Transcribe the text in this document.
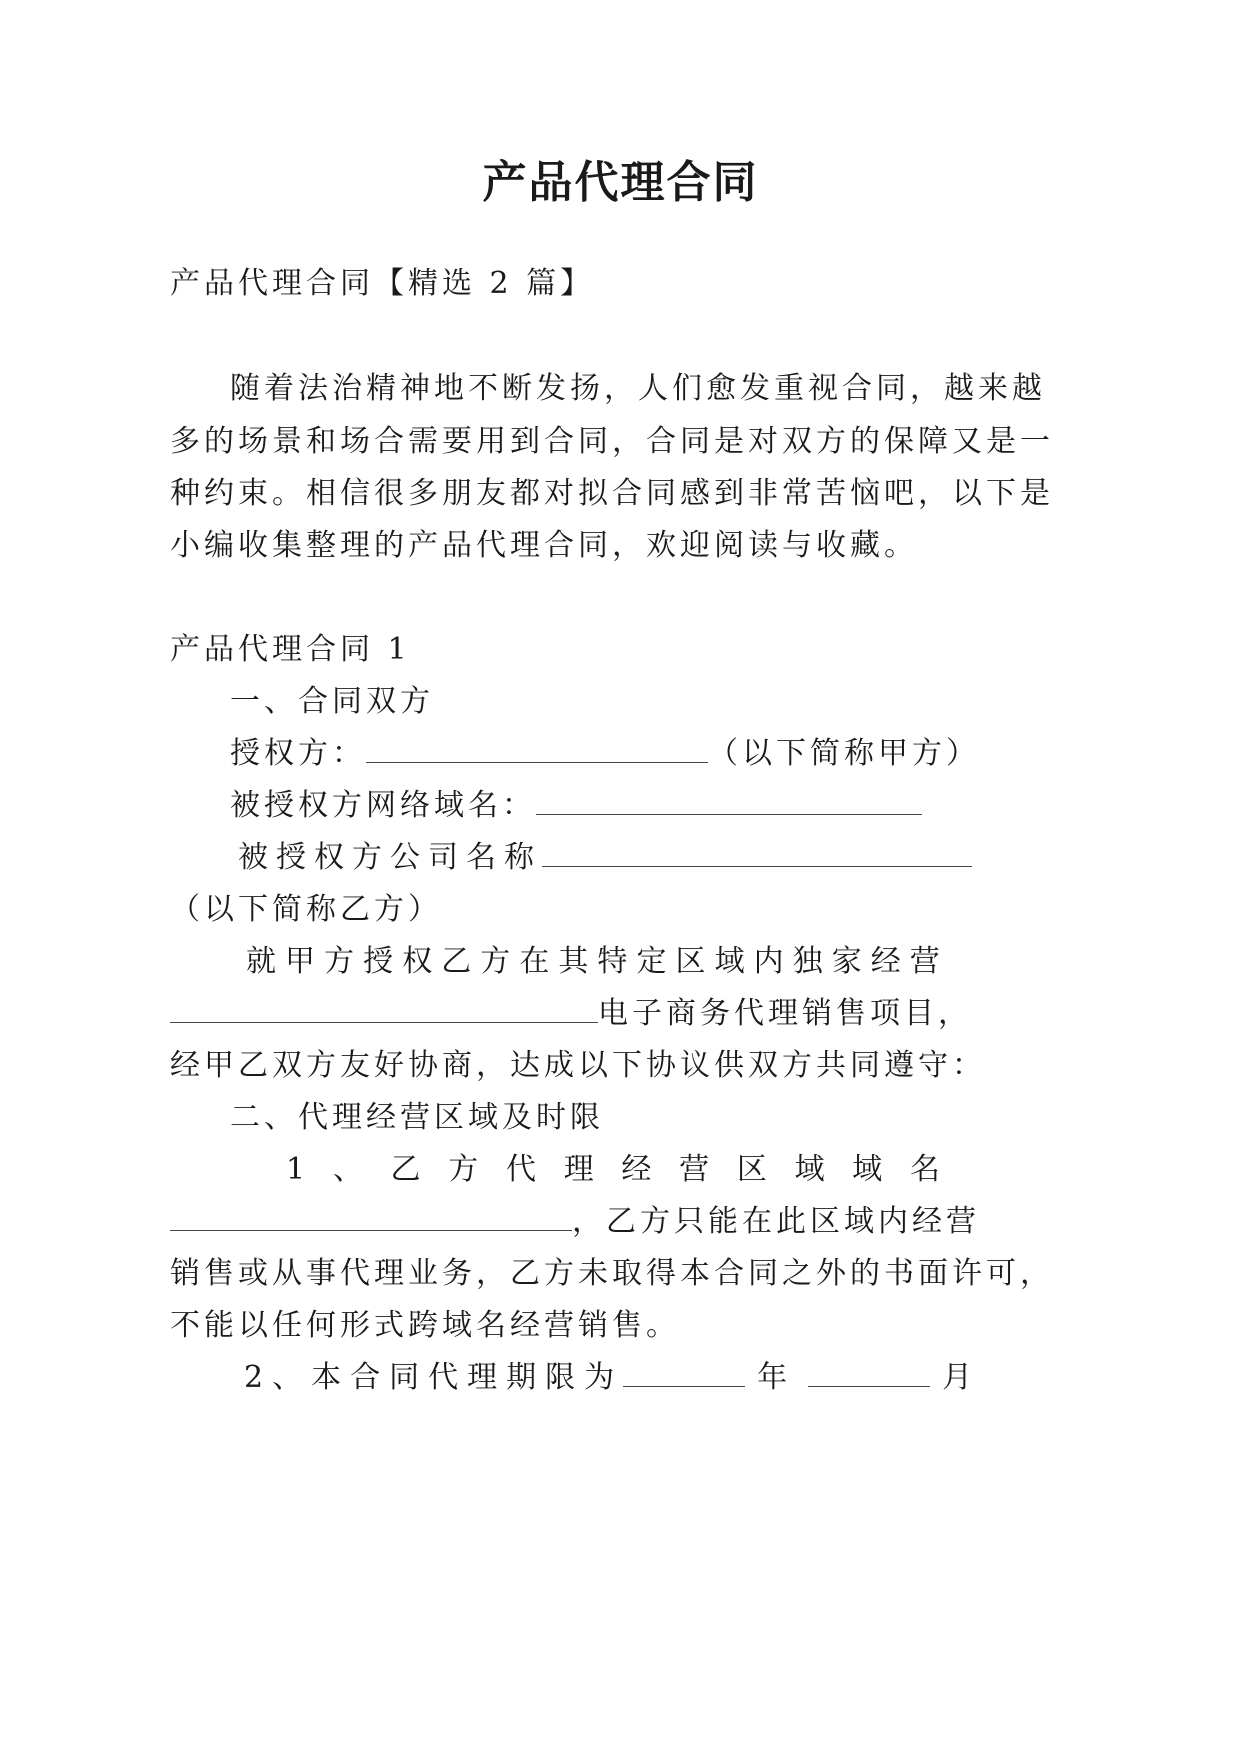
产品代理合同
产品代理合同【精选 2 篇】
随着法治精神地不断发扬，人们愈发重视合同，越来越
多的场景和场合需要用到合同，合同是对双方的保障又是一
种约束。相信很多朋友都对拟合同感到非常苦恼吧，以下是
小编收集整理的产品代理合同，欢迎阅读与收藏。
产品代理合同 1
一、合同双方
授权方：	（以下简称甲方）
被授权方网络域名：
被授权方公司名称
（以下简称乙方）
就 甲 方 授 权 乙 方 在 其 特 定 区 域 内 独 家 经 营
电子商务代理销售项目，
经甲乙双方友好协商，达成以下协议供双方共同遵守：
二、代理经营区域及时限
1 、 乙 方 代 理 经 营 区 域 域 名
，乙方只能在此区域内经营
销售或从事代理业务，乙方未取得本合同之外的书面许可，
不能以任何形式跨域名经营销售。
2、本合同代理期限为	年	月
